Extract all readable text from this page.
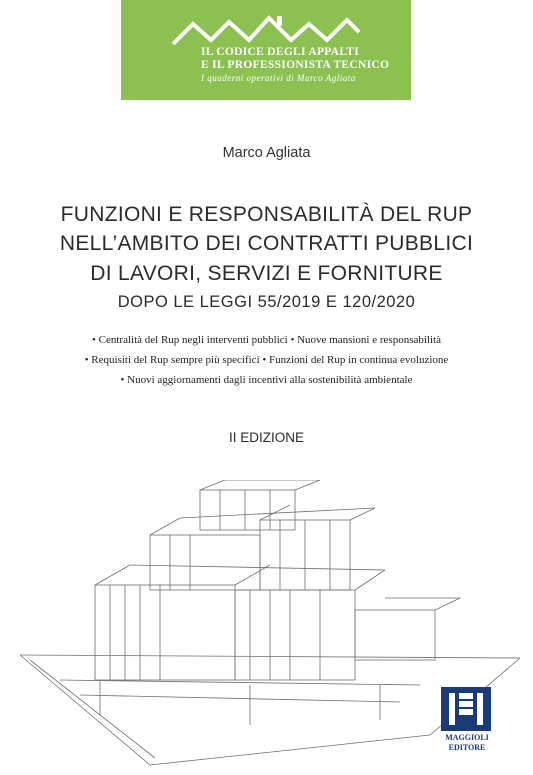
IL CODICE DEGLI APPALTI
E IL PROFESSIONISTA TECNICO
I quaderni operativi di Marco Agliata
Marco Agliata
FUNZIONI E RESPONSABILITÀ DEL RUP
NELL’AMBITO DEI CONTRATTI PUBBLICI
DI LAVORI, SERVIZI E FORNITURE
DOPO LE LEGGI 55/2019 E 120/2020
• Centralità del Rup negli interventi pubblici • Nuove mansioni e responsabilità
• Requisiti del Rup sempre più specifici • Funzioni del Rup in continua evoluzione
• Nuovi aggiornamenti dagli incentivi alla sostenibilità ambientale
II EDIZIONE
MAGGIOLI
EDITORE
